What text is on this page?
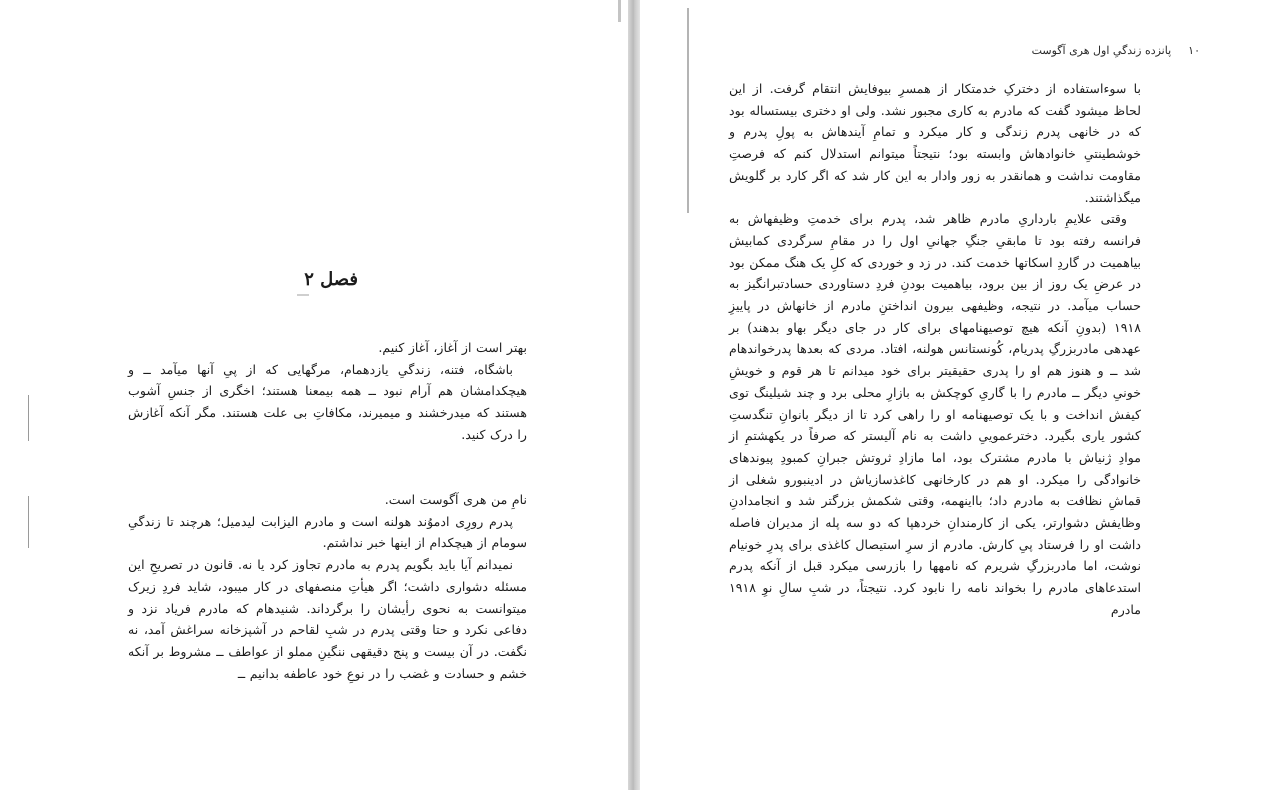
فصل ۲

بهتر است از آغاز، آغاز کنیم.

باشگاه، فتنه، زندگیِ یازدهمام، مرگهایی که از پیِ آنها میآمد ــ و هیچکدامشان هم آرام نبود ــ همه بیمعنا هستند؛ اخگری از جنسِ آشوب هستند که میدرخشند و میمیرند، مکافاتِ بی علت هستند. مگر آنکه آغازش را درک کنید.

نامِ من هری آگوست است.

پدرم رورِی ادموُند هولنه است و مادرم الیزابت لیدمیل؛ هرچند تا زندگیِ سومام از هیچکدام از اینها خبر نداشتم.

نمیدانم آیا باید بگویم پدرم به مادرم تجاوز کرد یا نه. قانون در تصریحِ این مسئله دشواری داشت؛ اگر هیأتِ منصفهای در کار میبود، شاید فردِ زیرک میتوانست به نحوی رأیشان را برگرداند. شنیدهام که مادرم فریاد نزد و دفاعی نکرد و حتا وقتی پدرم در شبِ لقاحم در آشپزخانه سراغش آمد، نه نگفت. در آن بیست و پنج دقیقهی ننگینِ مملو از عواطف ــ مشروط بر آنکه خشم و حسادت و غضب را در نوعِ خود عاطفه بدانیم ــ

۱۰  پانزده زندگیِ اول هری آگوست

با سوءاستفاده از دخترکِ خدمتکار از همسرِ بیوفایش انتقام گرفت. از این لحاظ میشود گفت که مادرم به کاری مجبور نشد. ولی او دختری بیستساله بود که در خانهی پدرم زندگی و کار میکرد و تمامِ آیندهاش به پولِ پدرم و خوشطینتیِ خانوادهاش وابسته بود؛ نتیجتاً میتوانم استدلال کنم که فرصتِ مقاومت نداشت و همانقدر به زور وادار به این کار شد که اگر کارد بر گلویش میگذاشتند.

وقتی علایمِ بارداریِ مادرم ظاهر شد، پدرم برای خدمتِ وظیفهاش به فرانسه رفته بود تا مابقیِ جنگِ جهانیِ اول را در مقامِ سرگردی کمابیش بیاهمیت در گاردِ اسکاتها خدمت کند. در زد و خوردی که کلِ یک هنگ ممکن بود در عرضِ یک روز از بین برود، بیاهمیت بودنِ فردِ دستاوردی حسادتبرانگیز به حساب میآمد. در نتیجه، وظیفهی بیرون انداختنِ مادرم از خانهاش در پاییزِ ۱۹۱۸ (بدونِ آنکه هیچ توصیهنامهای برای کار در جای دیگر بهاو بدهند) بر عهدهی مادربزرگِ پدریام، کُونستانس هولنه، افتاد. مردی که بعدها پدرخواندهام شد ــ و هنوز هم او را پدری حقیقیتر برای خود میدانم تا هر قوم و خویشِ خونیِ دیگر ــ مادرم را با گاریِ کوچکش به بازارِ محلی برد و چند شیلینگ توی کیفش انداخت و با یک توصیهنامه او را راهی کرد تا از دیگر بانوانِ تنگدستِ کشور یاری بگیرد. دخترعموییِ داشت به نام آلیستر که صرفاً در یکهشتمِ از موادِ ژنیاش با مادرم مشترک بود، اما مازادِ ثروتش جبرانِ کمبودِ پیوندهای خانوادگی را میکرد. او هم در کارخانهی کاغذسازیاش در ادینبورو شغلی از قماشِ نظافت به مادرم داد؛ بااینهمه، وقتی شکمش بزرگتر شد و انجامدادنِ وظایفش دشوارتر، یکی از کارمندانِ خردهپا که دو سه پله از مدیران فاصله داشت او را فرستاد پیِ کارش. مادرم از سرِ استیصال کاغذی برای پدرِ خونیام نوشت، اما مادربزرگِ شریرم که نامهها را بازرسی میکرد قبل از آنکه پدرم استدعاهای مادرم را بخواند نامه را نابود کرد. نتیجتاً، در شبِ سالِ نوِ ۱۹۱۸ مادرم
